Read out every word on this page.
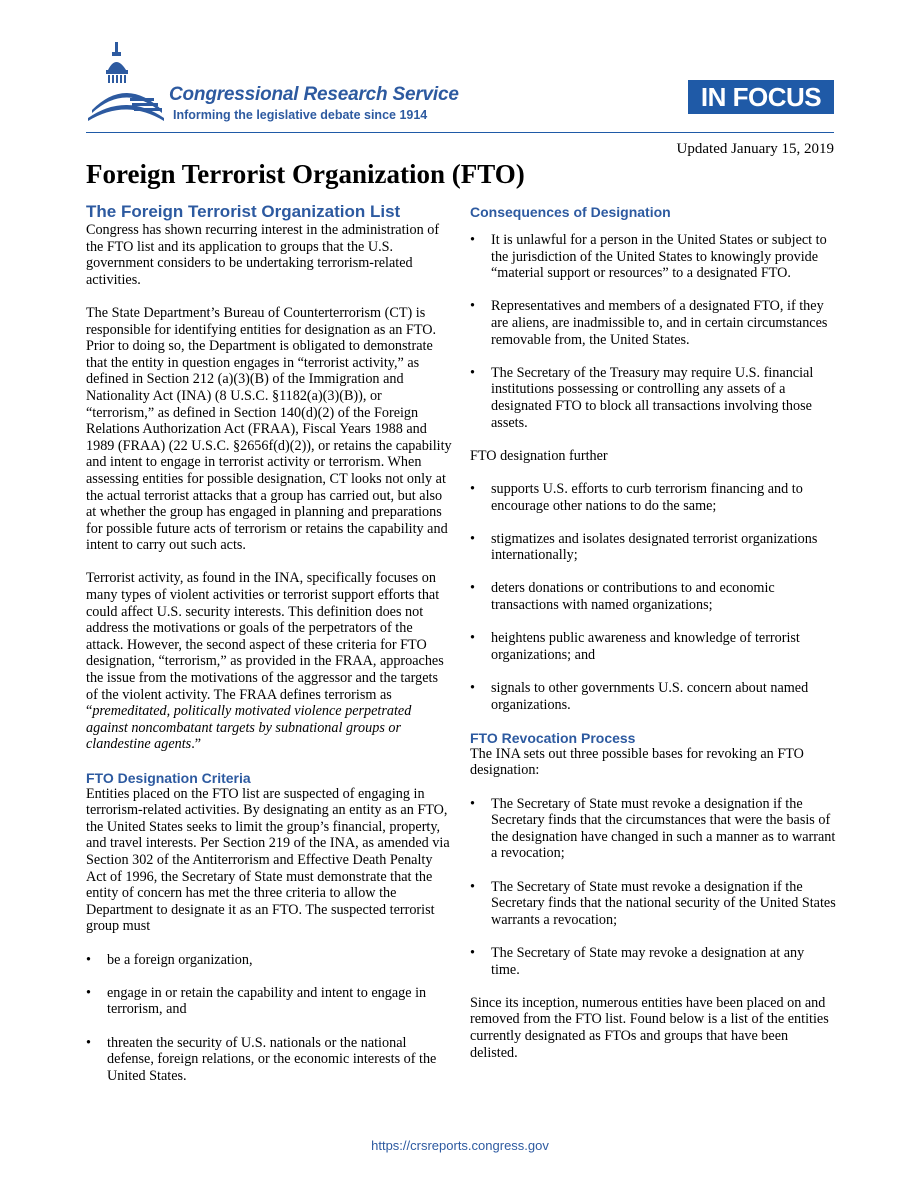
Congressional Research Service
Informing the legislative debate since 1914
IN FOCUS
Updated January 15, 2019
Foreign Terrorist Organization (FTO)
The Foreign Terrorist Organization List

Congress has shown recurring interest in the administration of the FTO list and its application to groups that the U.S. government considers to be undertaking terrorism-related activities.

The State Department’s Bureau of Counterterrorism (CT) is responsible for identifying entities for designation as an FTO. Prior to doing so, the Department is obligated to demonstrate that the entity in question engages in “terrorist activity,” as defined in Section 212 (a)(3)(B) of the Immigration and Nationality Act (INA) (8 U.S.C. §1182(a)(3)(B)), or “terrorism,” as defined in Section 140(d)(2) of the Foreign Relations Authorization Act (FRAA), Fiscal Years 1988 and 1989 (FRAA) (22 U.S.C. §2656f(d)(2)), or retains the capability and intent to engage in terrorist activity or terrorism. When assessing entities for possible designation, CT looks not only at the actual terrorist attacks that a group has carried out, but also at whether the group has engaged in planning and preparations for possible future acts of terrorism or retains the capability and intent to carry out such acts.

Terrorist activity, as found in the INA, specifically focuses on many types of violent activities or terrorist support efforts that could affect U.S. security interests. This definition does not address the motivations or goals of the perpetrators of the attack. However, the second aspect of these criteria for FTO designation, “terrorism,” as provided in the FRAA, approaches the issue from the motivations of the aggressor and the targets of the violent activity. The FRAA defines terrorism as “premeditated, politically motivated violence perpetrated against noncombatant targets by subnational groups or clandestine agents.”

FTO Designation Criteria

Entities placed on the FTO list are suspected of engaging in terrorism-related activities. By designating an entity as an FTO, the United States seeks to limit the group’s financial, property, and travel interests. Per Section 219 of the INA, as amended via Section 302 of the Antiterrorism and Effective Death Penalty Act of 1996, the Secretary of State must demonstrate that the entity of concern has met the three criteria to allow the Department to designate it as an FTO. The suspected terrorist group must

• be a foreign organization,
• engage in or retain the capability and intent to engage in terrorism, and
• threaten the security of U.S. nationals or the national defense, foreign relations, or the economic interests of the United States.
Consequences of Designation
• It is unlawful for a person in the United States or subject to the jurisdiction of the United States to knowingly provide “material support or resources” to a designated FTO.
• Representatives and members of a designated FTO, if they are aliens, are inadmissible to, and in certain circumstances removable from, the United States.
• The Secretary of the Treasury may require U.S. financial institutions possessing or controlling any assets of a designated FTO to block all transactions involving those assets.

FTO designation further

• supports U.S. efforts to curb terrorism financing and to encourage other nations to do the same;
• stigmatizes and isolates designated terrorist organizations internationally;
• deters donations or contributions to and economic transactions with named organizations;
• heightens public awareness and knowledge of terrorist organizations; and
• signals to other governments U.S. concern about named organizations.
FTO Revocation Process

The INA sets out three possible bases for revoking an FTO designation:

• The Secretary of State must revoke a designation if the Secretary finds that the circumstances that were the basis of the designation have changed in such a manner as to warrant a revocation;
• The Secretary of State must revoke a designation if the Secretary finds that the national security of the United States warrants a revocation;
• The Secretary of State may revoke a designation at any time.

Since its inception, numerous entities have been placed on and removed from the FTO list. Found below is a list of the entities currently designated as FTOs and groups that have been delisted.

https://crsreports.congress.gov
